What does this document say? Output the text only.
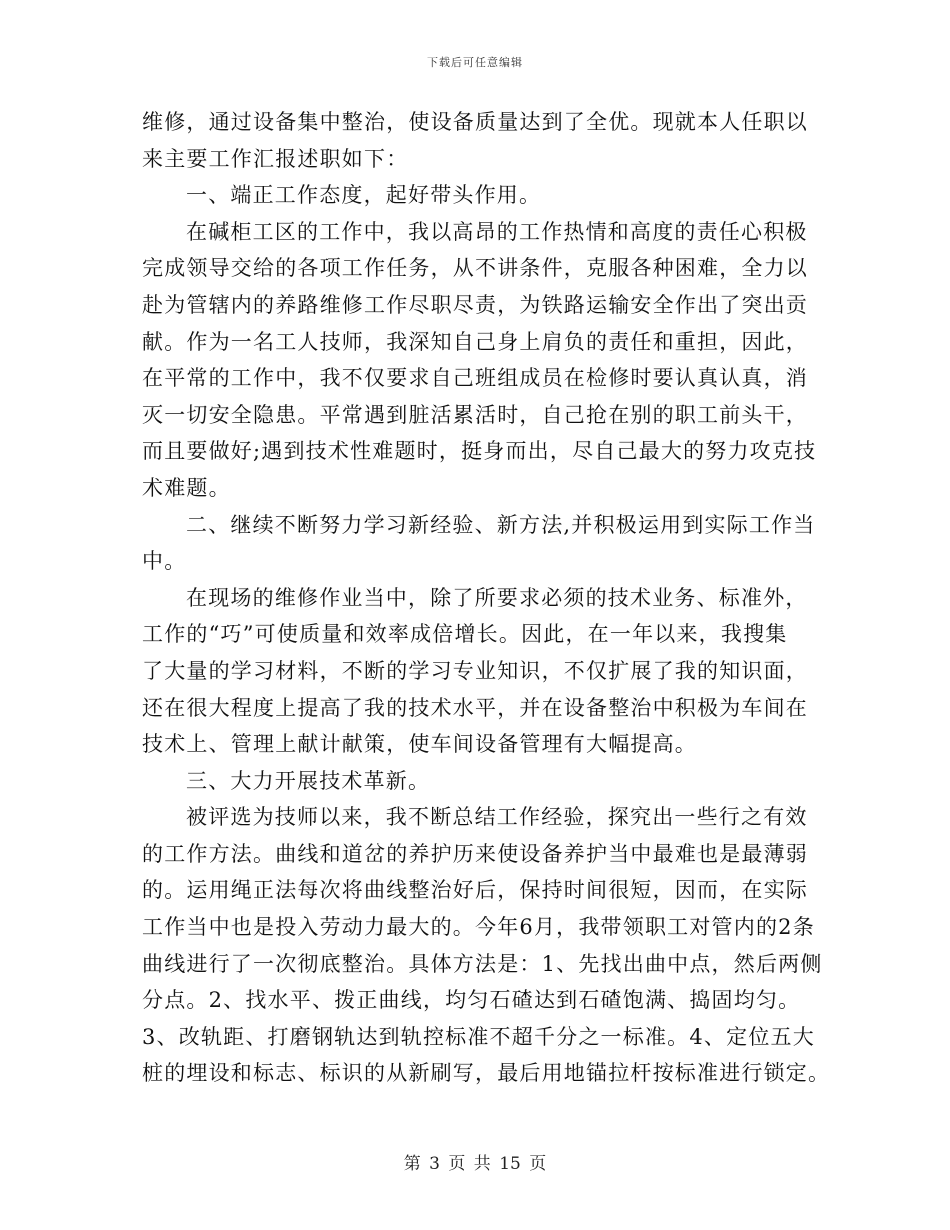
下载后可任意编辑
维修，通过设备集中整治，使设备质量达到了全优。现就本人任职以
来主要工作汇报述职如下：
一、端正工作态度，起好带头作用。
在碱柜工区的工作中，我以高昂的工作热情和高度的责任心积极
完成领导交给的各项工作任务，从不讲条件，克服各种困难，全力以
赴为管辖内的养路维修工作尽职尽责，为铁路运输安全作出了突出贡
献。作为一名工人技师，我深知自己身上肩负的责任和重担，因此，
在平常的工作中，我不仅要求自己班组成员在检修时要认真认真，消
灭一切安全隐患。平常遇到脏活累活时，自己抢在别的职工前头干，
而且要做好;遇到技术性难题时，挺身而出，尽自己最大的努力攻克技
术难题。
二、继续不断努力学习新经验、新方法,并积极运用到实际工作当
中。
在现场的维修作业当中，除了所要求必须的技术业务、标准外，
工作的“巧”可使质量和效率成倍增长。因此，在一年以来，我搜集
了大量的学习材料，不断的学习专业知识，不仅扩展了我的知识面，
还在很大程度上提高了我的技术水平，并在设备整治中积极为车间在
技术上、管理上献计献策，使车间设备管理有大幅提高。
三、大力开展技术革新。
被评选为技师以来，我不断总结工作经验，探究出一些行之有效
的工作方法。曲线和道岔的养护历来使设备养护当中最难也是最薄弱
的。运用绳正法每次将曲线整治好后，保持时间很短，因而，在实际
工作当中也是投入劳动力最大的。今年6月，我带领职工对管内的2条
曲线进行了一次彻底整治。具体方法是：1、先找出曲中点，然后两侧
分点。2、找水平、拨正曲线，均匀石碴达到石碴饱满、捣固均匀。
3、改轨距、打磨钢轨达到轨控标准不超千分之一标准。4、定位五大
桩的埋设和标志、标识的从新刷写，最后用地锚拉杆按标准进行锁定。
第 3 页 共 15 页
